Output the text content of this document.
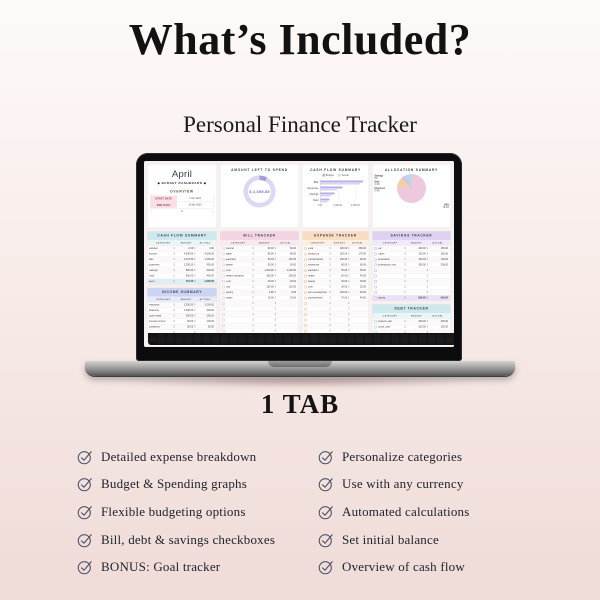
What’s Included?
Personal Finance Tracker
April
◆ BUDGET DASHBOARD ◆
OVERVIEW
START DATE	1 Apr 2024
END DATE	30 Apr 2024
‹	1	›
AMOUNT LEFT TO SPEND
$ 2,695.85
CASH FLOW SUMMARY
Budget	Actual
Bills
Expenses
Savings
Debt
0.00 1,000.00 2,000.00
ALLOCATION SUMMARY
Bills
78.2%
Expenses
9.4%
Debt
6.4%
Savings
6%
CASH FLOW SUMMARY
CATEGORY	BUDGET	ACTUAL
Rollover	$	0.00 $	0.00
Income	$	4,500.00 $	4,500.00
Bills	$	2,437.50 $	2,250.00
Expenses	$	1,250.00 $	950.00
Savings	$	800.00 $	600.00
Debt	$	500.00 $	400.00
LEFT	$	512.50 $	2,695.85
INCOME SUMMARY
CATEGORY	BUDGET	ACTUAL
Paycheck	$	3,200.00 $	3,200.00
Business	$	1,000.00 $	900.00
Side Hustle	$	200.00 $	250.00
Interest Income	$	50.00 $	100.00
Dividends	$	50.00 $	50.00
BILL TRACKER
CATEGORY	BUDGET	ACTUAL
Internet	$	60.00 $	60.00
Water	$	80.00 $	80.00
Electricity	$	90.00 $	100.00
Mobile	$	50.00 $	50.00
Rent	$	1,200.00 $	1,200.00
Health Insurance	$	300.00 $	300.00
Gym	$	40.00 $	40.00
Gas	$	100.00 $	120.00
Spotify	$	9.99 $	9.99
Netflix	$	15.00 $	15.00
$	$
$	$
$	$
$	$
$	$
$	$
EXPENSE TRACKER
CATEGORY	BUDGET	ACTUAL
Food	$	400.00 $	380.00
Dining Out	$	150.00 $	170.00
Transportation	$	100.00 $	90.00
Household	$	80.00 $	60.00
Education	$	50.00 $	50.00
Health	$	60.00 $	40.00
Beauty	$	40.00 $	30.00
Gifts	$	30.00 $	25.00
Self-Development $	100.00 $	60.00
Entertainment	$	70.00 $	45.00
$	$
$	$
$	$
$	$
$	$
$	$
SAVINGS TRACKER
CATEGORY	BUDGET	ACTUAL
Car	$	200.00 $	150.00
Travel	$	150.00 $	150.00
Renovation	$	150.00 $	100.00
Emergency Fund	$	300.00 $	200.00
$	$
$	$
$	$
$	$
$	$
TOTAL	$	800.00 $	600.00
DEBT TRACKER
CATEGORY	BUDGET	ACTUAL
Student Loan	$	300.00 $	250.00
Credit Card	$	200.00 $	150.00
1 TAB
Detailed expense breakdown
Budget & Spending graphs
Flexible budgeting options
Bill, debt & savings checkboxes
BONUS: Goal tracker
Personalize categories
Use with any currency
Automated calculations
Set initial balance
Overview of cash flow
